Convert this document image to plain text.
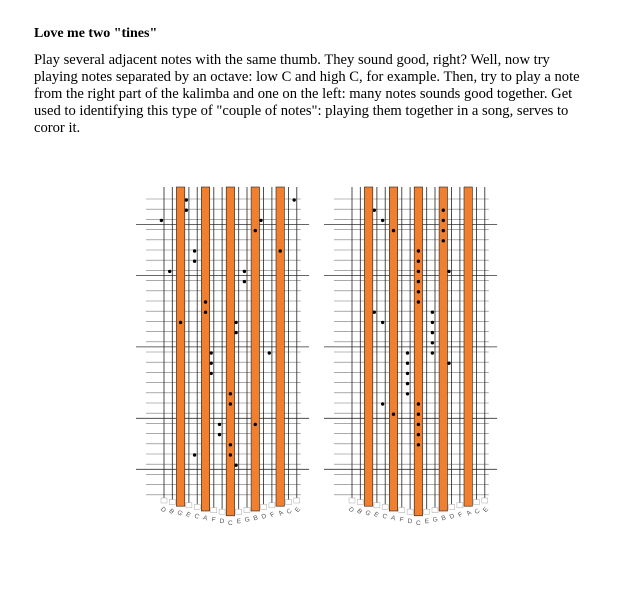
Love me two "tines"

Play several adjacent notes with the same thumb. They sound good, right? Well, now try playing notes separated by an octave: low C and high C, for example. Then, try to play a note from the right part of the kalimba and one on the left: many notes sounds good together. Get used to identifying this type of "couple of notes": playing them together in a song, serves to coror it.

D B G E C A F D C E G B D F A C E	D B G E C A F D C E G B D F A C E
